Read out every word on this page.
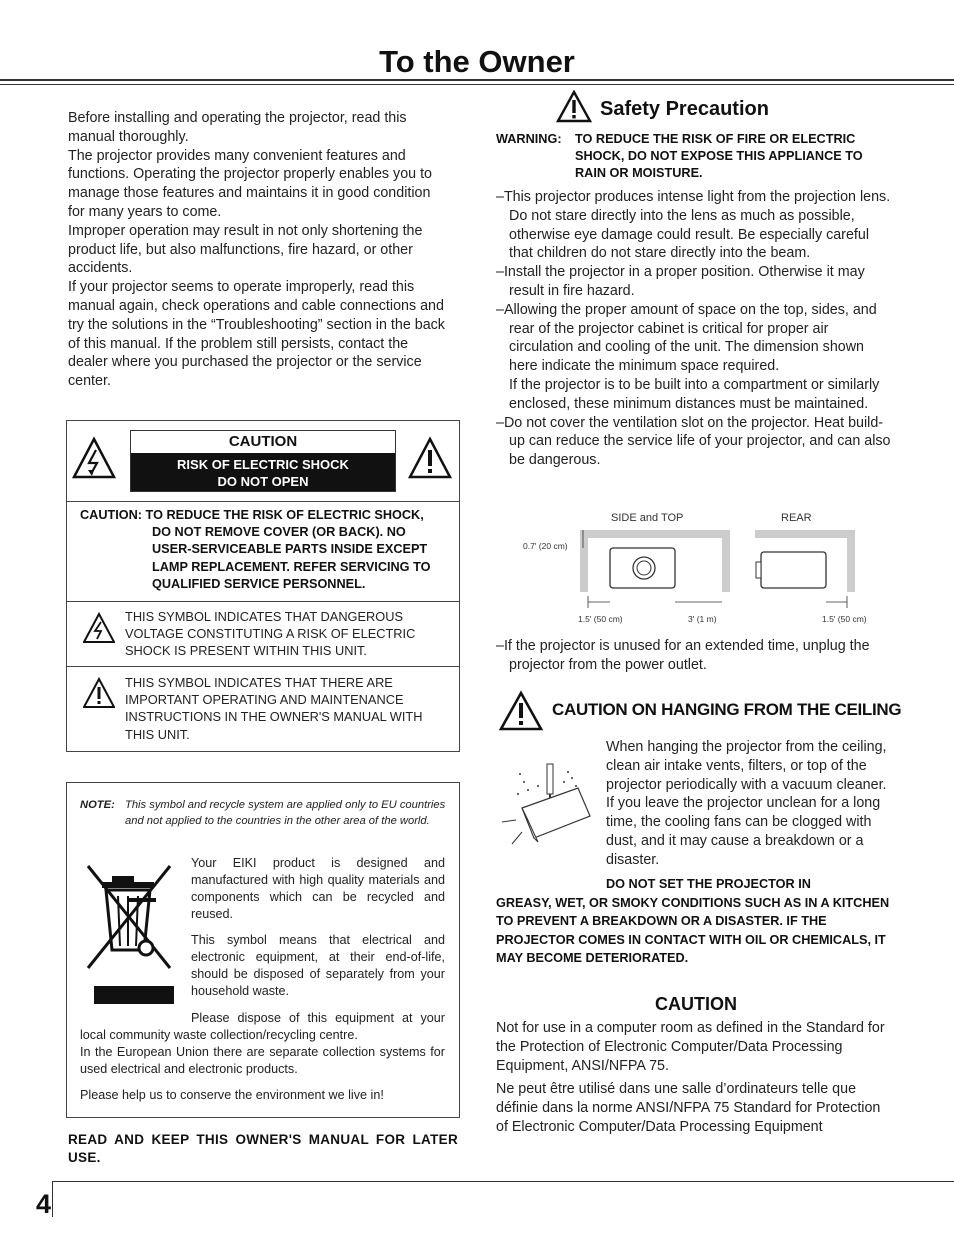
To the Owner

Before installing and operating the projector, read this manual thoroughly.

The projector provides many convenient features and functions. Operating the projector properly enables you to manage those features and maintains it in good condition for many years to come.

Improper operation may result in not only shortening the product life, but also malfunctions, fire hazard, or other accidents.

If your projector seems to operate improperly, read this manual again, check operations and cable connections and try the solutions in the “Troubleshooting” section in the back of this manual. If the problem still persists, contact the dealer where you purchased the projector or the service center.

CAUTION
RISK OF ELECTRIC SHOCK
DO NOT OPEN
CAUTION: TO REDUCE THE RISK OF ELECTRIC SHOCK,
DO NOT REMOVE COVER (OR BACK). NO
USER-SERVICEABLE PARTS INSIDE EXCEPT
LAMP REPLACEMENT. REFER SERVICING TO
QUALIFIED SERVICE PERSONNEL.
THIS SYMBOL INDICATES THAT DANGEROUS VOLTAGE CONSTITUTING A RISK OF ELECTRIC SHOCK IS PRESENT WITHIN THIS UNIT.
THIS SYMBOL INDICATES THAT THERE ARE IMPORTANT OPERATING AND MAINTENANCE INSTRUCTIONS IN THE OWNER'S MANUAL WITH THIS UNIT.
NOTE: This symbol and recycle system are applied only to EU countries and not applied to the countries in the other area of the world.
Your EIKI product is designed and manufactured with high quality materials and components which can be recycled and reused.
This symbol means that electrical and electronic equipment, at their end-of-life, should be disposed of separately from your household waste.
Please dispose of this equipment at your local community waste collection/recycling centre.
In the European Union there are separate collection systems for used electrical and electronic products.
Please help us to conserve the environment we live in!
READ AND KEEP THIS OWNER'S MANUAL FOR LATER USE.
Safety Precaution
WARNING: TO REDUCE THE RISK OF FIRE OR ELECTRIC
SHOCK, DO NOT EXPOSE THIS APPLIANCE TO
RAIN OR MOISTURE.
–This projector produces intense light from the projection lens. Do not stare directly into the lens as much as possible, otherwise eye damage could result. Be especially careful that children do not stare directly into the beam.
–Install the projector in a proper position. Otherwise it may result in fire hazard.
–Allowing the proper amount of space on the top, sides, and rear of the projector cabinet is critical for proper air circulation and cooling of the unit. The dimension shown here indicate the minimum space required.
If the projector is to be built into a compartment or similarly enclosed, these minimum distances must be maintained.
–Do not cover the ventilation slot on the projector. Heat build-up can reduce the service life of your projector, and can also be dangerous.
SIDE and TOP	REAR
0.7' (20 cm)
1.5' (50 cm)	3' (1 m)	1.5' (50 cm)
–If the projector is unused for an extended time, unplug the projector from the power outlet.
CAUTION ON HANGING FROM THE CEILING
When hanging the projector from the ceiling, clean air intake vents, filters, or top of the projector periodically with a vacuum cleaner. If you leave the projector unclean for a long time, the cooling fans can be clogged with dust, and it may cause a breakdown or a disaster.
DO NOT SET THE PROJECTOR IN
GREASY, WET, OR SMOKY CONDITIONS SUCH AS IN A KITCHEN TO PREVENT A BREAKDOWN OR A DISASTER. IF THE PROJECTOR COMES IN CONTACT WITH OIL OR CHEMICALS, IT MAY BECOME DETERIORATED.
CAUTION
Not for use in a computer room as defined in the Standard for the Protection of Electronic Computer/Data Processing Equipment, ANSI/NFPA 75.
Ne peut être utilisé dans une salle d’ordinateurs telle que définie dans la norme ANSI/NFPA 75 Standard for Protection of Electronic Computer/Data Processing Equipment
4
